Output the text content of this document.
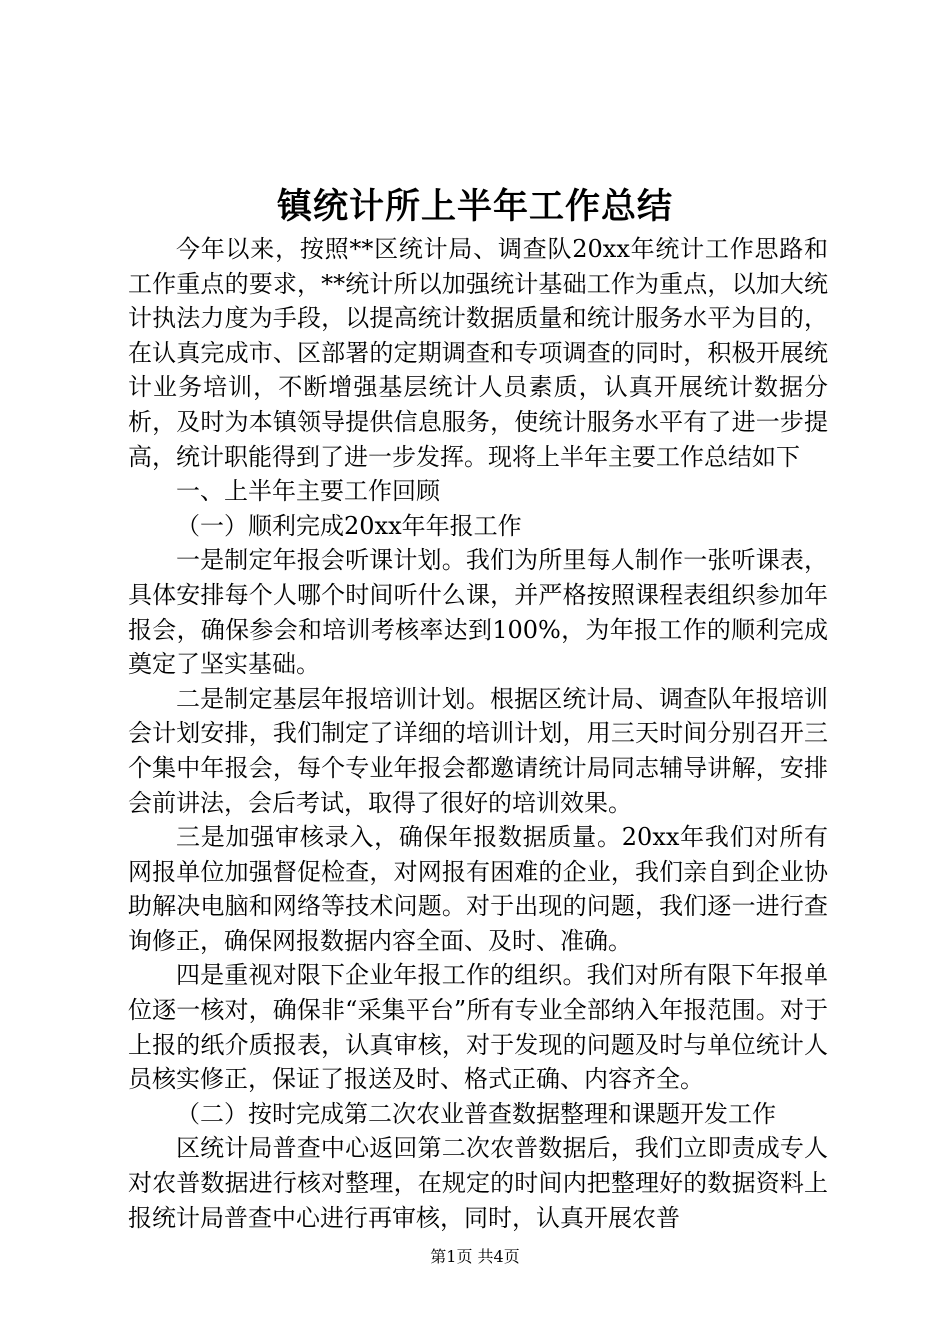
镇统计所上半年工作总结

今年以来，按照**区统计局、调查队20xx年统计工作思路和工作重点的要求，**统计所以加强统计基础工作为重点，以加大统计执法力度为手段，以提高统计数据质量和统计服务水平为目的，在认真完成市、区部署的定期调查和专项调查的同时，积极开展统计业务培训，不断增强基层统计人员素质，认真开展统计数据分析，及时为本镇领导提供信息服务，使统计服务水平有了进一步提高，统计职能得到了进一步发挥。现将上半年主要工作总结如下

一、上半年主要工作回顾

（一）顺利完成20xx年年报工作

一是制定年报会听课计划。我们为所里每人制作一张听课表，具体安排每个人哪个时间听什么课，并严格按照课程表组织参加年报会，确保参会和培训考核率达到100%，为年报工作的顺利完成奠定了坚实基础。

二是制定基层年报培训计划。根据区统计局、调查队年报培训会计划安排，我们制定了详细的培训计划，用三天时间分别召开三个集中年报会，每个专业年报会都邀请统计局同志辅导讲解，安排会前讲法，会后考试，取得了很好的培训效果。

三是加强审核录入，确保年报数据质量。20xx年我们对所有网报单位加强督促检查，对网报有困难的企业，我们亲自到企业协助解决电脑和网络等技术问题。对于出现的问题，我们逐一进行查询修正，确保网报数据内容全面、及时、准确。

四是重视对限下企业年报工作的组织。我们对所有限下年报单位逐一核对，确保非“采集平台”所有专业全部纳入年报范围。对于上报的纸介质报表，认真审核，对于发现的问题及时与单位统计人员核实修正，保证了报送及时、格式正确、内容齐全。

（二）按时完成第二次农业普查数据整理和课题开发工作

区统计局普查中心返回第二次农普数据后，我们立即责成专人对农普数据进行核对整理，在规定的时间内把整理好的数据资料上报统计局普查中心进行再审核，同时，认真开展农普

第1页 共4页
